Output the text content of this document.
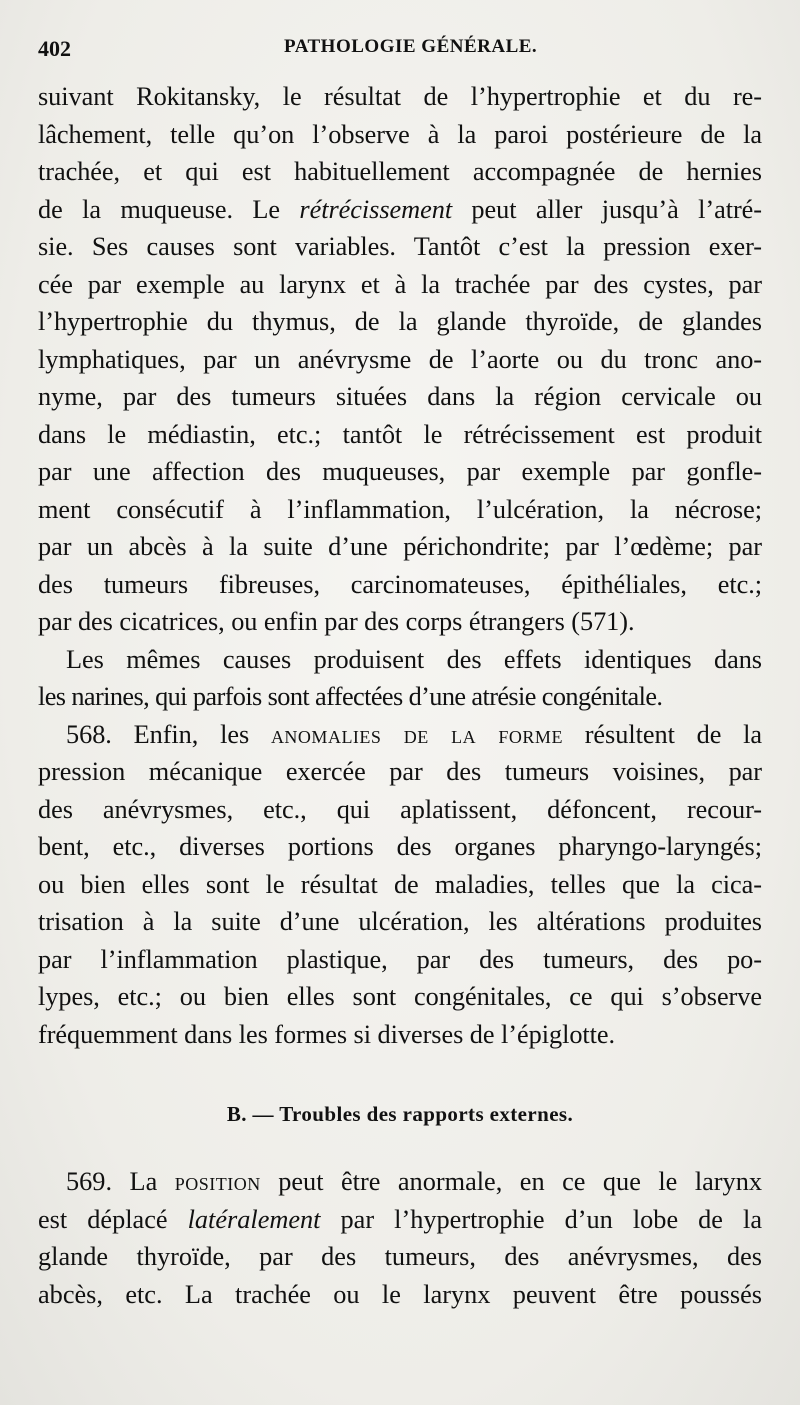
402	PATHOLOGIE GÉNÉRALE.
suivant Rokitansky, le résultat de l’hypertrophie et du re-
lâchement, telle qu’on l’observe à la paroi postérieure de la
trachée, et qui est habituellement accompagnée de hernies
de la muqueuse. Le rétrécissement peut aller jusqu’à l’atré-
sie. Ses causes sont variables. Tantôt c’est la pression exer-
cée par exemple au larynx et à la trachée par des cystes, par
l’hypertrophie du thymus, de la glande thyroïde, de glandes
lymphatiques, par un anévrysme de l’aorte ou du tronc ano-
nyme, par des tumeurs situées dans la région cervicale ou
dans le médiastin, etc.; tantôt le rétrécissement est produit
par une affection des muqueuses, par exemple par gonfle-
ment consécutif à l’inflammation, l’ulcération, la nécrose;
par un abcès à la suite d’une périchondrite; par l’œdème; par
des tumeurs fibreuses, carcinomateuses, épithéliales, etc.;
par des cicatrices, ou enfin par des corps étrangers (571).
Les mêmes causes produisent des effets identiques dans
les narines, qui parfois sont affectées d’une atrésie congénitale.
568. Enfin, les anomalies de la forme résultent de la
pression mécanique exercée par des tumeurs voisines, par
des anévrysmes, etc., qui aplatissent, défoncent, recour-
bent, etc., diverses portions des organes pharyngo-laryngés;
ou bien elles sont le résultat de maladies, telles que la cica-
trisation à la suite d’une ulcération, les altérations produites
par l’inflammation plastique, par des tumeurs, des po-
lypes, etc.; ou bien elles sont congénitales, ce qui s’observe
fréquemment dans les formes si diverses de l’épiglotte.
B. — Troubles des rapports externes.
569. La position peut être anormale, en ce que le larynx
est déplacé latéralement par l’hypertrophie d’un lobe de la
glande thyroïde, par des tumeurs, des anévrysmes, des
abcès, etc. La trachée ou le larynx peuvent être poussés
